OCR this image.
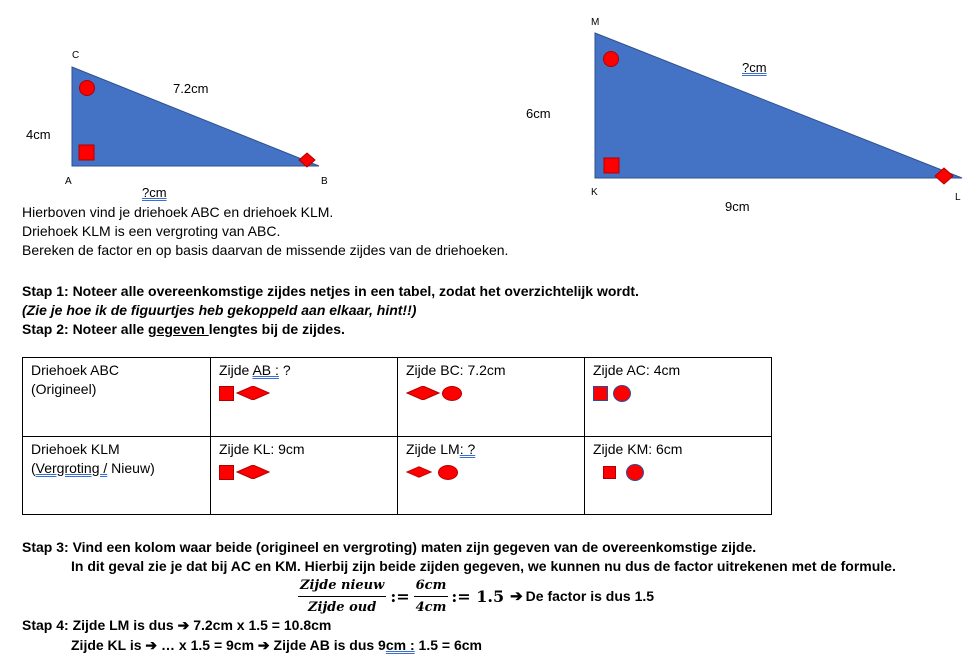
C
A	B
4cm
7.2cm
?cm
M
K	L
6cm
?cm
9cm
Hierboven vind je driehoek ABC en driehoek KLM.
Driehoek KLM is een vergroting van ABC.
Bereken de factor en op basis daarvan de missende zijdes van de driehoeken.
Stap 1: Noteer alle overeenkomstige zijdes netjes in een tabel, zodat het overzichtelijk wordt.
(Zie je hoe ik de figuurtjes heb gekoppeld aan elkaar, hint!!)
Stap 2: Noteer alle gegeven lengtes bij de zijdes.
Driehoek ABC
(Origineel)	Zijde AB : ?	Zijde BC: 7.2cm	Zijde AC: 4cm

Driehoek KLM
(Vergroting / Nieuw)	Zijde KL: 9cm	Zijde LM: ?	Zijde KM: 6cm
Stap 3: Vind een kolom waar beide (origineel en vergroting) maten zijn gegeven van de overeenkomstige zijde.
In dit geval zie je dat bij AC en KM. Hierbij zijn beide zijden gegeven, we kunnen nu dus de factor uitrekenen met de formule.
$\frac{\text{Zijde nieuw}}{\text{Zijde oud}}$ := $\frac{6cm}{4cm}$ := 1.5 ➔ De factor is dus 1.5
Stap 4: Zijde LM is dus ➔ 7.2cm x 1.5 = 10.8cm
Zijde KL is ➔ … x 1.5 = 9cm ➔ Zijde AB is dus 9cm : 1.5 = 6cm
